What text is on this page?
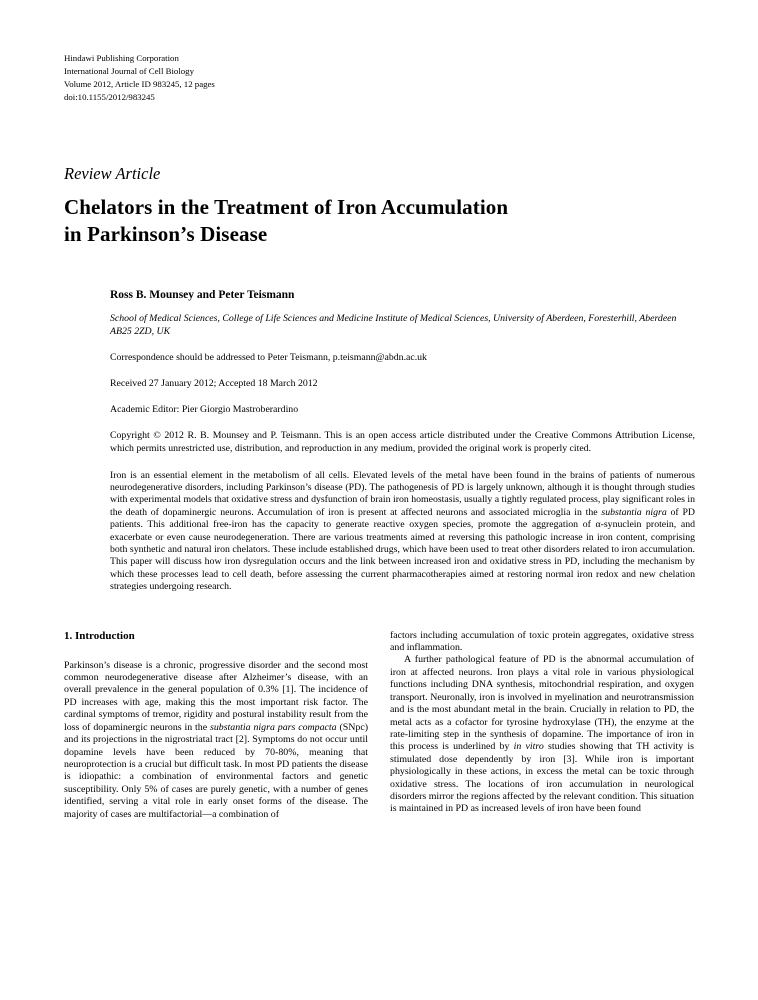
Hindawi Publishing Corporation
International Journal of Cell Biology
Volume 2012, Article ID 983245, 12 pages
doi:10.1155/2012/983245
Review Article
Chelators in the Treatment of Iron Accumulation
in Parkinson’s Disease
Ross B. Mounsey and Peter Teismann
School of Medical Sciences, College of Life Sciences and Medicine Institute of Medical Sciences, University of Aberdeen, Foresterhill, Aberdeen AB25 2ZD, UK
Correspondence should be addressed to Peter Teismann, p.teismann@abdn.ac.uk
Received 27 January 2012; Accepted 18 March 2012
Academic Editor: Pier Giorgio Mastroberardino

Copyright © 2012 R. B. Mounsey and P. Teismann. This is an open access article distributed under the Creative Commons Attribution License, which permits unrestricted use, distribution, and reproduction in any medium, provided the original work is properly cited.

Iron is an essential element in the metabolism of all cells. Elevated levels of the metal have been found in the brains of patients of numerous neurodegenerative disorders, including Parkinson’s disease (PD). The pathogenesis of PD is largely unknown, although it is thought through studies with experimental models that oxidative stress and dysfunction of brain iron homeostasis, usually a tightly regulated process, play significant roles in the death of dopaminergic neurons. Accumulation of iron is present at affected neurons and associated microglia in the substantia nigra of PD patients. This additional free-iron has the capacity to generate reactive oxygen species, promote the aggregation of α-synuclein protein, and exacerbate or even cause neurodegeneration. There are various treatments aimed at reversing this pathologic increase in iron content, comprising both synthetic and natural iron chelators. These include established drugs, which have been used to treat other disorders related to iron accumulation. This paper will discuss how iron dysregulation occurs and the link between increased iron and oxidative stress in PD, including the mechanism by which these processes lead to cell death, before assessing the current pharmacotherapies aimed at restoring normal iron redox and new chelation strategies undergoing research.

1. Introduction

Parkinson’s disease is a chronic, progressive disorder and the second most common neurodegenerative disease after Alzheimer’s disease, with an overall prevalence in the general population of 0.3% [1]. The incidence of PD increases with age, making this the most important risk factor. The cardinal symptoms of tremor, rigidity and postural instability result from the loss of dopaminergic neurons in the substantia nigra pars compacta (SNpc) and its projections in the nigrostriatal tract [2]. Symptoms do not occur until dopamine levels have been reduced by 70-80%, meaning that neuroprotection is a crucial but difficult task. In most PD patients the disease is idiopathic: a combination of environmental factors and genetic susceptibility. Only 5% of cases are purely genetic, with a number of genes identified, serving a vital role in early onset forms of the disease. The majority of cases are multifactorial—a combination of

factors including accumulation of toxic protein aggregates, oxidative stress and inflammation.

A further pathological feature of PD is the abnormal accumulation of iron at affected neurons. Iron plays a vital role in various physiological functions including DNA synthesis, mitochondrial respiration, and oxygen transport. Neuronally, iron is involved in myelination and neurotransmission and is the most abundant metal in the brain. Crucially in relation to PD, the metal acts as a cofactor for tyrosine hydroxylase (TH), the enzyme at the rate-limiting step in the synthesis of dopamine. The importance of iron in this process is underlined by in vitro studies showing that TH activity is stimulated dose dependently by iron [3]. While iron is important physiologically in these actions, in excess the metal can be toxic through oxidative stress. The locations of iron accumulation in neurological disorders mirror the regions affected by the relevant condition. This situation is maintained in PD as increased levels of iron have been found
